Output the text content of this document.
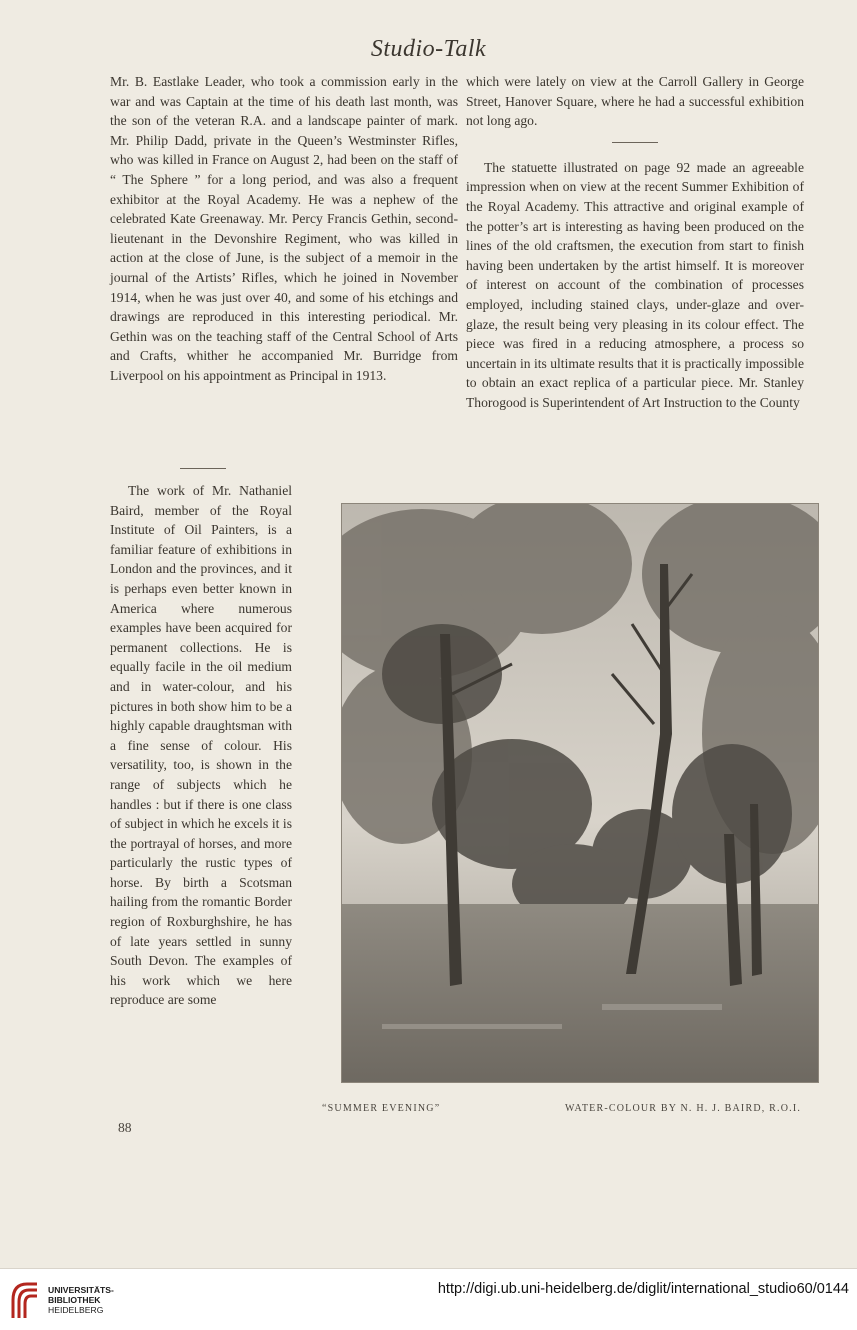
Studio-Talk

Mr. B. Eastlake Leader, who took a commission early in the war and was Captain at the time of his death last month, was the son of the veteran R.A. and a landscape painter of mark. Mr. Philip Dadd, private in the Queen’s Westminster Rifles, who was killed in France on August 2, had been on the staff of “ The Sphere ” for a long period, and was also a frequent exhibitor at the Royal Academy. He was a nephew of the celebrated Kate Greenaway. Mr. Percy Francis Gethin, second-lieutenant in the Devonshire Regiment, who was killed in action at the close of June, is the subject of a memoir in the journal of the Artists’ Rifles, which he joined in November 1914, when he was just over 40, and some of his etchings and drawings are reproduced in this interesting periodical. Mr. Gethin was on the teaching staff of the Central School of Arts and Crafts, whither he accompanied Mr. Burridge from Liverpool on his appointment as Principal in 1913.

which were lately on view at the Carroll Gallery in George Street, Hanover Square, where he had a successful exhibition not long ago.

The statuette illustrated on page 92 made an agreeable impression when on view at the recent Summer Exhibition of the Royal Academy. This attractive and original example of the potter’s art is interesting as having been produced on the lines of the old craftsmen, the execution from start to finish having been undertaken by the artist himself. It is moreover of interest on account of the combination of processes employed, including stained clays, under-glaze and over-glaze, the result being very pleasing in its colour effect. The piece was fired in a reducing atmosphere, a process so uncertain in its ultimate results that it is practically impossible to obtain an exact replica of a particular piece. Mr. Stanley Thorogood is Superintendent of Art Instruction to the County

The work of Mr. Nathaniel Baird, member of the Royal Institute of Oil Painters, is a familiar feature of exhibitions in London and the provinces, and it is perhaps even better known in America where numerous examples have been acquired for permanent collections. He is equally facile in the oil medium and in water-colour, and his pictures in both show him to be a highly capable draughtsman with a fine sense of colour. His versatility, too, is shown in the range of subjects which he handles : but if there is one class of subject in which he excels it is the portrayal of horses, and more particularly the rustic types of horse. By birth a Scotsman hailing from the romantic Border region of Roxburghshire, he has of late years settled in sunny South Devon. The examples of his work which we here reproduce are some

“SUMMER EVENING”	WATER-COLOUR BY N. H. J. BAIRD, R.O.I.
88
UNIVERSITÄTS-
BIBLIOTHEK
HEIDELBERG
http://digi.ub.uni-heidelberg.de/diglit/international_studio60/0144
